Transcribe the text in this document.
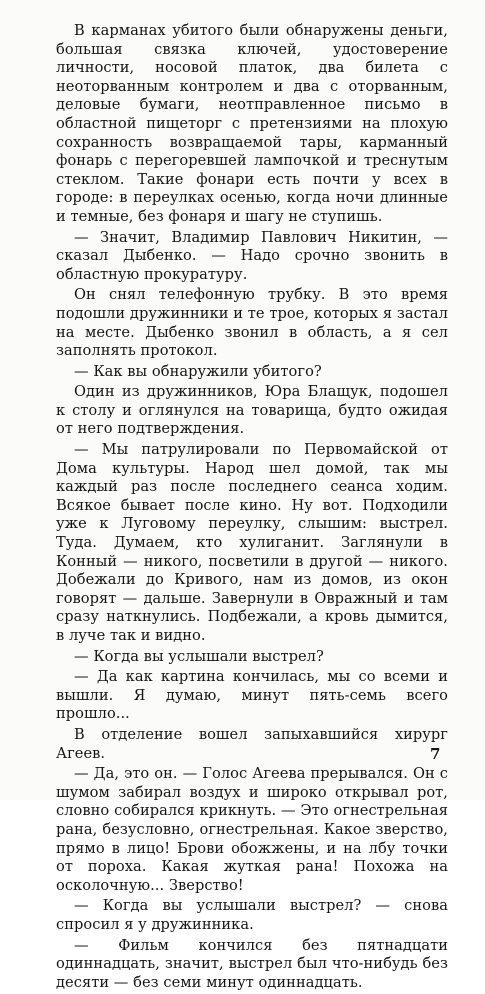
В карманах убитого были обнаружены деньги, большая связка ключей, удостоверение личности, носовой платок, два билета с неоторванным контролем и два с оторванным, деловые бумаги, неотправленное письмо в областной пищеторг с претензиями на плохую сохранность возвращаемой тары, карманный фонарь с перегоревшей лампочкой и треснутым стеклом. Такие фонари есть почти у всех в городе: в переулках осенью, когда ночи длинные и темные, без фонаря и шагу не ступишь.

— Значит, Владимир Павлович Никитин, — сказал Дыбенко. — Надо срочно звонить в областную прокуратуру.

Он снял телефонную трубку. В это время подошли дружинники и те трое, которых я застал на месте. Дыбенко звонил в область, а я сел заполнять протокол.

— Как вы обнаружили убитого?

Один из дружинников, Юра Блащук, подошел к столу и оглянулся на товарища, будто ожидая от него подтверждения.

— Мы патрулировали по Первомайской от Дома культуры. Народ шел домой, так мы каждый раз после последнего сеанса ходим. Всякое бывает после кино. Ну вот. Подходили уже к Луговому переулку, слышим: выстрел. Туда. Думаем, кто хулиганит. Заглянули в Конный — никого, посветили в другой — никого. Добежали до Кривого, нам из домов, из окон говорят — дальше. Завернули в Овражный и там сразу наткнулись. Подбежали, а кровь дымится, в луче так и видно.

— Когда вы услышали выстрел?

— Да как картина кончилась, мы со всеми и вышли. Я думаю, минут пять-семь всего прошло...

В отделение вошел запыхавшийся хирург Агеев.

— Да, это он. — Голос Агеева прерывался. Он с шумом забирал воздух и широко открывал рот, словно собирался крикнуть. — Это огнестрельная рана, безусловно, огнестрельная. Какое зверство, прямо в лицо! Брови обожжены, и на лбу точки от пороха. Какая жуткая рана! Похожа на осколочную... Зверство!

— Когда вы услышали выстрел? — снова спросил я у дружинника.

— Фильм кончился без пятнадцати одиннадцать, значит, выстрел был что-нибудь без десяти — без семи минут одиннадцать.

7
